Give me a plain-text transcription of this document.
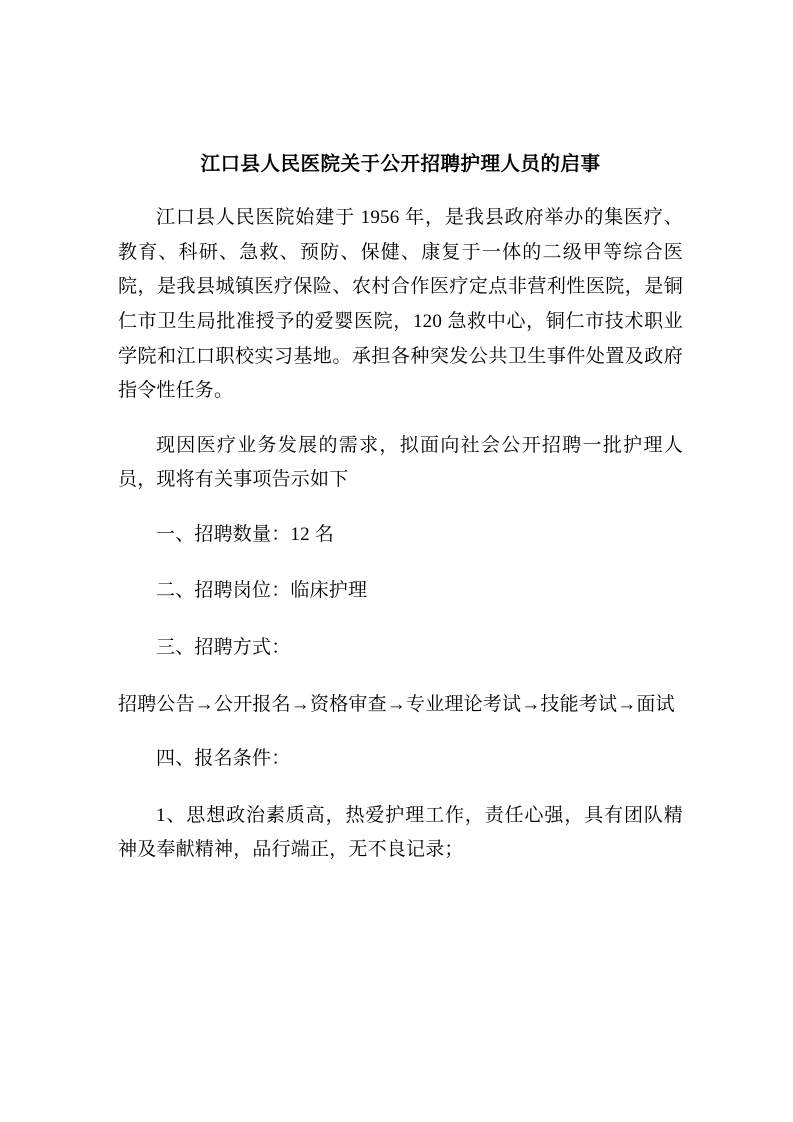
江口县人民医院关于公开招聘护理人员的启事

江口县人民医院始建于 1956 年，是我县政府举办的集医疗、教育、科研、急救、预防、保健、康复于一体的二级甲等综合医院，是我县城镇医疗保险、农村合作医疗定点非营利性医院，是铜仁市卫生局批准授予的爱婴医院，120 急救中心，铜仁市技术职业学院和江口职校实习基地。承担各种突发公共卫生事件处置及政府指令性任务。

现因医疗业务发展的需求，拟面向社会公开招聘一批护理人员，现将有关事项告示如下

一、招聘数量：12 名

二、招聘岗位：临床护理

三、招聘方式：

招聘公告→公开报名→资格审查→专业理论考试→技能考试→面试

四、报名条件：

1、思想政治素质高，热爱护理工作，责任心强，具有团队精神及奉献精神，品行端正，无不良记录；
